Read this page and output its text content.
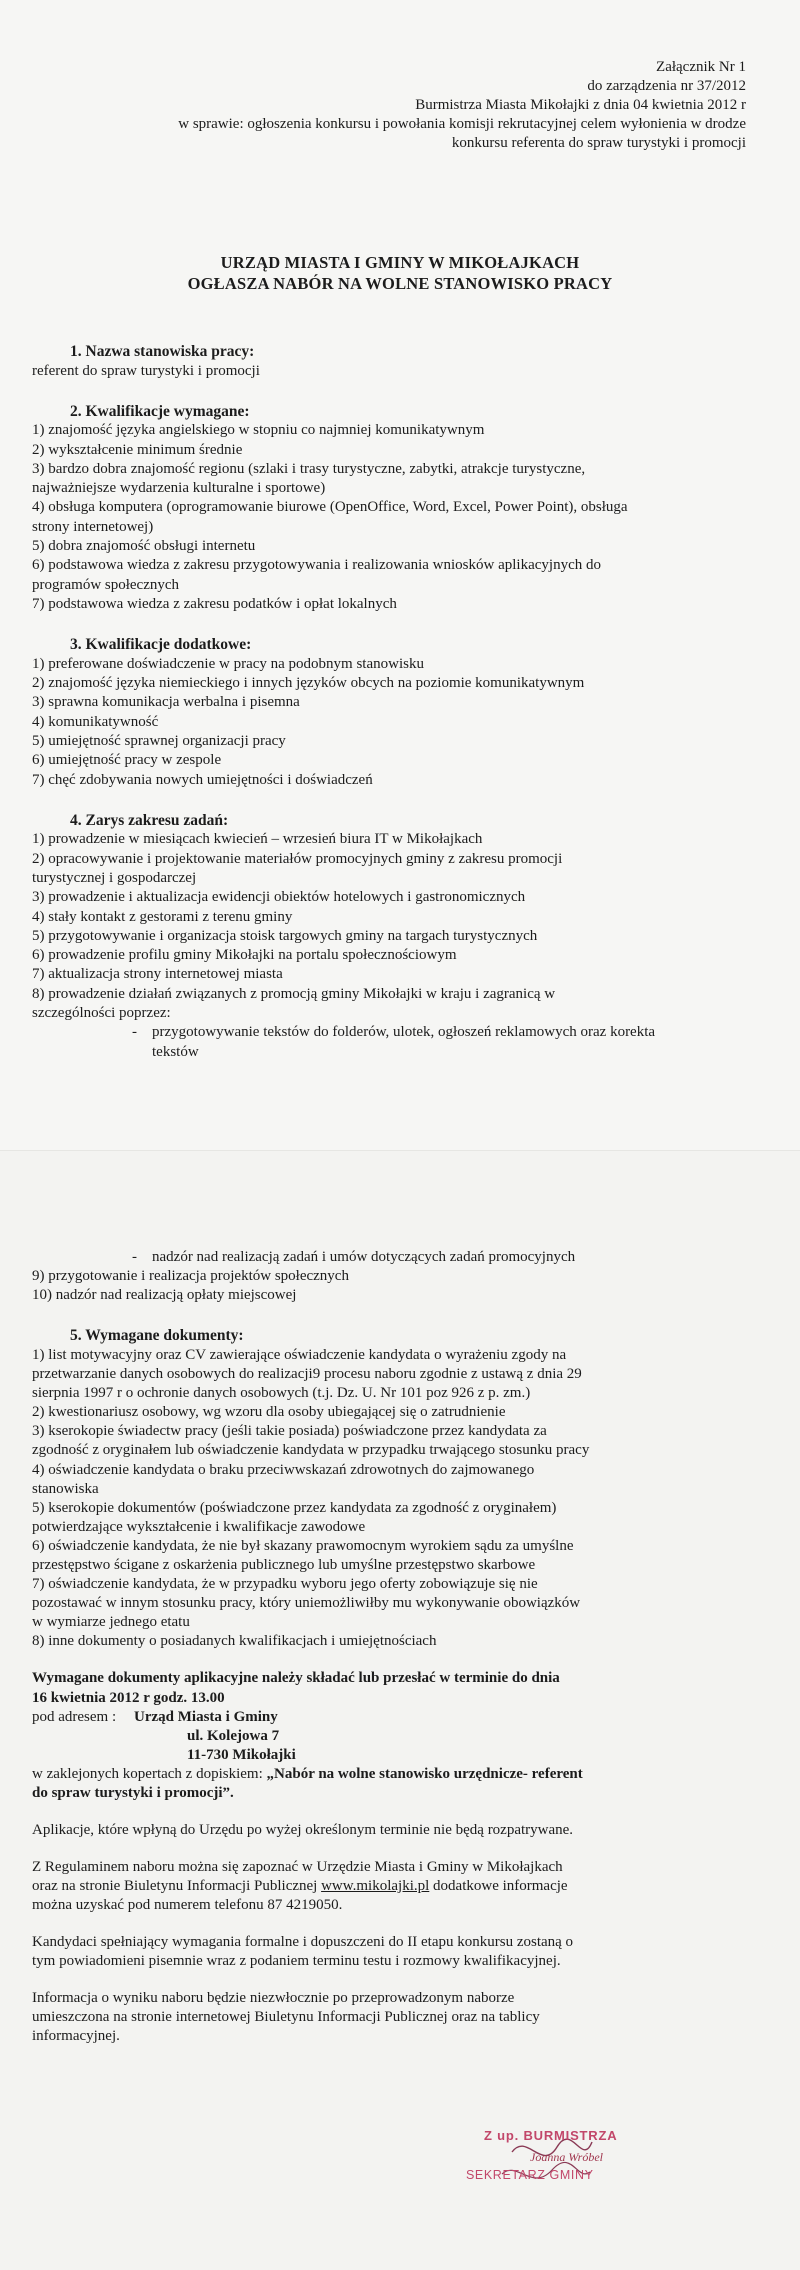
Załącznik Nr 1
do zarządzenia nr 37/2012
Burmistrza Miasta Mikołajki z dnia 04 kwietnia 2012 r
w sprawie: ogłoszenia konkursu i powołania komisji rekrutacyjnej celem wyłonienia w drodze
konkursu referenta do spraw turystyki i promocji
URZĄD MIASTA I GMINY W MIKOŁAJKACH
OGŁASZA NABÓR NA WOLNE STANOWISKO PRACY
1. Nazwa stanowiska pracy:
referent do spraw turystyki i promocji
2. Kwalifikacje wymagane:
1) znajomość języka angielskiego w stopniu co najmniej komunikatywnym
2) wykształcenie minimum średnie
3) bardzo dobra znajomość regionu (szlaki i trasy turystyczne, zabytki, atrakcje turystyczne,
najważniejsze wydarzenia kulturalne i sportowe)
4) obsługa komputera (oprogramowanie biurowe (OpenOffice, Word, Excel, Power Point), obsługa
strony internetowej)
5) dobra znajomość obsługi internetu
6) podstawowa wiedza z zakresu przygotowywania i realizowania wniosków aplikacyjnych do
programów społecznych
7) podstawowa wiedza z zakresu podatków i opłat lokalnych
3. Kwalifikacje dodatkowe:
1) preferowane doświadczenie w pracy na podobnym stanowisku
2) znajomość języka niemieckiego i innych języków obcych na poziomie komunikatywnym
3) sprawna komunikacja werbalna i pisemna
4) komunikatywność
5) umiejętność sprawnej organizacji pracy
6) umiejętność pracy w zespole
7) chęć zdobywania nowych umiejętności i doświadczeń
4. Zarys zakresu zadań:
1) prowadzenie w miesiącach kwiecień – wrzesień biura IT w Mikołajkach
2) opracowywanie i projektowanie materiałów promocyjnych gminy z zakresu promocji
turystycznej i gospodarczej
3) prowadzenie i aktualizacja ewidencji obiektów hotelowych i gastronomicznych
4) stały kontakt z gestorami z terenu gminy
5) przygotowywanie i organizacja stoisk targowych gminy na targach turystycznych
6) prowadzenie profilu gminy Mikołajki na portalu społecznościowym
7) aktualizacja strony internetowej miasta
8) prowadzenie działań związanych z promocją gminy Mikołajki w kraju i zagranicą w
szczególności poprzez:
-	przygotowywanie tekstów do folderów, ulotek, ogłoszeń reklamowych oraz korekta
tekstów
-	nadzór nad realizacją zadań i umów dotyczących zadań promocyjnych
9) przygotowanie i realizacja projektów społecznych
10) nadzór nad realizacją opłaty miejscowej
5. Wymagane dokumenty:
1) list motywacyjny oraz CV zawierające oświadczenie kandydata o wyrażeniu zgody na
przetwarzanie danych osobowych do realizacji9 procesu naboru zgodnie z ustawą z dnia 29
sierpnia 1997 r o ochronie danych osobowych (t.j. Dz. U. Nr 101 poz 926 z p. zm.)
2) kwestionariusz osobowy, wg wzoru dla osoby ubiegającej się o zatrudnienie
3) kserokopie świadectw pracy (jeśli takie posiada) poświadczone przez kandydata za
zgodność z oryginałem lub oświadczenie kandydata w przypadku trwającego stosunku pracy
4) oświadczenie kandydata o braku przeciwwskazań zdrowotnych do zajmowanego
stanowiska
5) kserokopie dokumentów (poświadczone przez kandydata za zgodność z oryginałem)
potwierdzające wykształcenie i kwalifikacje zawodowe
6) oświadczenie kandydata, że nie był skazany prawomocnym wyrokiem sądu za umyślne
przestępstwo ścigane z oskarżenia publicznego lub umyślne przestępstwo skarbowe
7) oświadczenie kandydata, że w przypadku wyboru jego oferty zobowiązuje się nie
pozostawać w innym stosunku pracy, który uniemożliwiłby mu wykonywanie obowiązków
w wymiarze jednego etatu
8) inne dokumenty o posiadanych kwalifikacjach i umiejętnościach
Wymagane dokumenty aplikacyjne należy składać lub przesłać w terminie do dnia
16 kwietnia 2012 r godz. 13.00
pod adresem : Urząd Miasta i Gminy
ul. Kolejowa 7
11-730 Mikołajki
w zaklejonych kopertach z dopiskiem: „Nabór na wolne stanowisko urzędnicze- referent
do spraw turystyki i promocji”.
Aplikacje, które wpłyną do Urzędu po wyżej określonym terminie nie będą rozpatrywane.
Z Regulaminem naboru można się zapoznać w Urzędzie Miasta i Gminy w Mikołajkach
oraz na stronie Biuletynu Informacji Publicznej www.mikolajki.pl dodatkowe informacje
można uzyskać pod numerem telefonu 87 4219050.
Kandydaci spełniający wymagania formalne i dopuszczeni do II etapu konkursu zostaną o
tym powiadomieni pisemnie wraz z podaniem terminu testu i rozmowy kwalifikacyjnej.
Informacja o wyniku naboru będzie niezwłocznie po przeprowadzonym naborze
umieszczona na stronie internetowej Biuletynu Informacji Publicznej oraz na tablicy
informacyjnej.
Z up. BURMISTRZA
Joanna Wróbel
SEKRETARZ GMINY
